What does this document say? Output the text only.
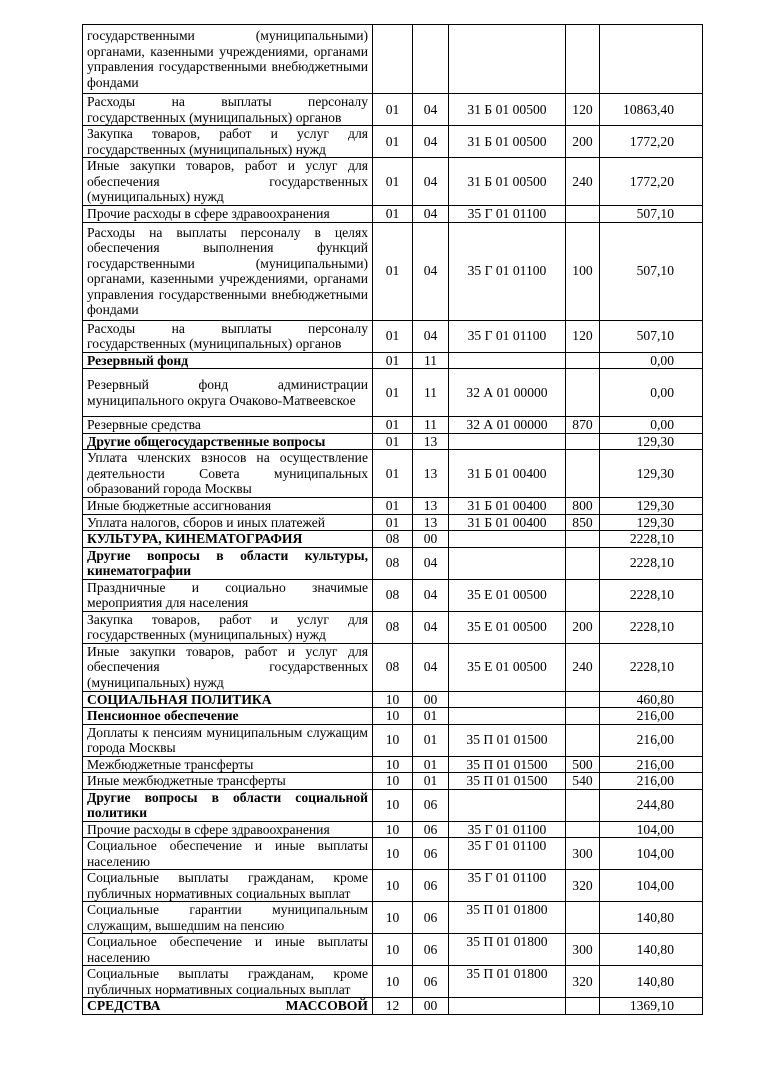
государственными (муниципальными) органами, казенными учреждениями, органами управления государственными внебюджетными фондами					
Расходы на выплаты персоналу государственных (муниципальных) органов	01	04	31 Б 01 00500	120	10863,40
Закупка товаров, работ и услуг для государственных (муниципальных) нужд	01	04	31 Б 01 00500	200	1772,20
Иные закупки товаров, работ и услуг для обеспечения государственных (муниципальных) нужд	01	04	31 Б 01 00500	240	1772,20
Прочие расходы в сфере здравоохранения	01	04	35 Г 01 01100		507,10
Расходы на выплаты персоналу в целях обеспечения выполнения функций государственными (муниципальными) органами, казенными учреждениями, органами управления государственными внебюджетными фондами	01	04	35 Г 01 01100	100	507,10
Расходы на выплаты персоналу государственных (муниципальных) органов	01	04	35 Г 01 01100	120	507,10
Резервный фонд	01	11			0,00
Резервный фонд администрации муниципального округа Очаково-Матвеевское	01	11	32 А 01 00000		0,00
Резервные средства	01	11	32 А 01 00000	870	0,00
Другие общегосударственные вопросы	01	13			129,30
Уплата членских взносов на осуществление деятельности Совета муниципальных образований города Москвы	01	13	31 Б 01 00400		129,30
Иные бюджетные ассигнования	01	13	31 Б 01 00400	800	129,30
Уплата налогов, сборов и иных платежей	01	13	31 Б 01 00400	850	129,30
КУЛЬТУРА, КИНЕМАТОГРАФИЯ	08	00			2228,10
Другие вопросы в области культуры, кинематографии	08	04			2228,10
Праздничные и социально значимые мероприятия для населения	08	04	35 Е 01 00500		2228,10
Закупка товаров, работ и услуг для государственных (муниципальных) нужд	08	04	35 Е 01 00500	200	2228,10
Иные закупки товаров, работ и услуг для обеспечения государственных (муниципальных) нужд	08	04	35 Е 01 00500	240	2228,10
СОЦИАЛЬНАЯ ПОЛИТИКА	10	00			460,80
Пенсионное обеспечение	10	01			216,00
Доплаты к пенсиям муниципальным служащим города Москвы	10	01	35 П 01 01500		216,00
Межбюджетные трансферты	10	01	35 П 01 01500	500	216,00
Иные межбюджетные трансферты	10	01	35 П 01 01500	540	216,00
Другие вопросы в области социальной политики	10	06			244,80
Прочие расходы в сфере здравоохранения	10	06	35 Г 01 01100		104,00
Социальное обеспечение и иные выплаты населению	10	06	35 Г 01 01100	300	104,00
Социальные выплаты гражданам, кроме публичных нормативных социальных выплат	10	06	35 Г 01 01100	320	104,00
Социальные гарантии муниципальным служащим, вышедшим на пенсию	10	06	35 П 01 01800		140,80
Социальное обеспечение и иные выплаты населению	10	06	35 П 01 01800	300	140,80
Социальные выплаты гражданам, кроме публичных нормативных социальных выплат	10	06	35 П 01 01800	320	140,80
СРЕДСТВА МАССОВОЙ	12	00			1369,10
